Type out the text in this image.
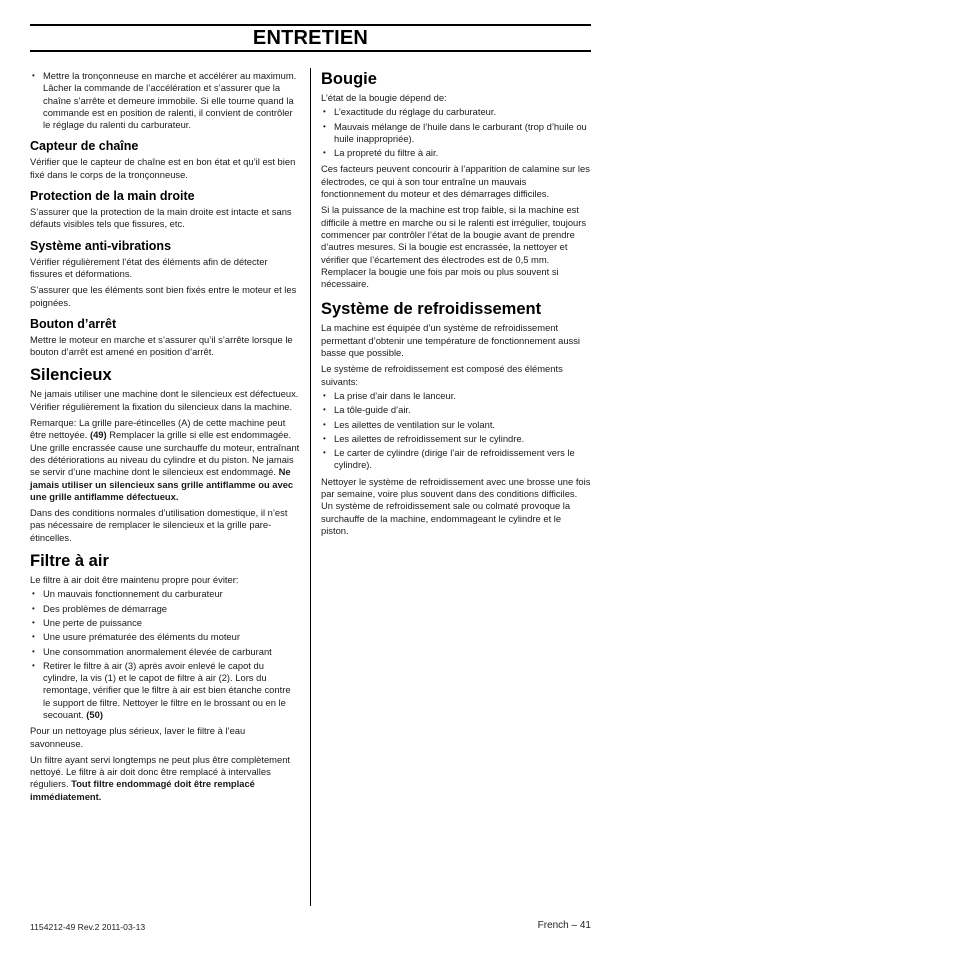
ENTRETIEN
• Mettre la tronçonneuse en marche et accélérer au maximum. Lâcher la commande de l’accélération et s’assurer que la chaîne s’arrête et demeure immobile. Si elle tourne quand la commande est en position de ralenti, il convient de contrôler le réglage du ralenti du carburateur.
Capteur de chaîne

Vérifier que le capteur de chaîne est en bon état et qu’il est bien fixé dans le corps de la tronçonneuse.

Protection de la main droite

S’assurer que la protection de la main droite est intacte et sans défauts visibles tels que fissures, etc.

Système anti-vibrations

Vérifier régulièrement l’état des éléments afin de détecter fissures et déformations.

S’assurer que les éléments sont bien fixés entre le moteur et les poignées.

Bouton d’arrêt

Mettre le moteur en marche et s’assurer qu’il s’arrête lorsque le bouton d’arrêt est amené en position d’arrêt.

Silencieux

Ne jamais utiliser une machine dont le silencieux est défectueux. Vérifier régulièrement la fixation du silencieux dans la machine.

Remarque: La grille pare-étincelles (A) de cette machine peut être nettoyée. (49) Remplacer la grille si elle est endommagée. Une grille encrassée cause une surchauffe du moteur, entraînant des détériorations au niveau du cylindre et du piston. Ne jamais se servir d’une machine dont le silencieux est endommagé. Ne jamais utiliser un silencieux sans grille antiflamme ou avec une grille antiflamme défectueux.

Dans des conditions normales d’utilisation domestique, il n’est pas nécessaire de remplacer le silencieux et la grille pare-étincelles.

Filtre à air

Le filtre à air doit être maintenu propre pour éviter:

• Un mauvais fonctionnement du carburateur
• Des problèmes de démarrage
• Une perte de puissance
• Une usure prématurée des éléments du moteur
• Une consommation anormalement élevée de carburant
• Retirer le filtre à air (3) après avoir enlevé le capot du cylindre, la vis (1) et le capot de filtre à air (2). Lors du remontage, vérifier que le filtre à air est bien étanche contre le support de filtre. Nettoyer le filtre en le brossant ou en le secouant. (50)

Pour un nettoyage plus sérieux, laver le filtre à l’eau savonneuse.

Un filtre ayant servi longtemps ne peut plus être complètement nettoyé. Le filtre à air doit donc être remplacé à intervalles réguliers. Tout filtre endommagé doit être remplacé immédiatement.

Bougie

L’état de la bougie dépend de:

• L’exactitude du réglage du carburateur.
• Mauvais mélange de l’huile dans le carburant (trop d’huile ou huile inappropriée).
• La propreté du filtre à air.

Ces facteurs peuvent concourir à l’apparition de calamine sur les électrodes, ce qui à son tour entraîne un mauvais fonctionnement du moteur et des démarrages difficiles.

Si la puissance de la machine est trop faible, si la machine est difficile à mettre en marche ou si le ralenti est irrégulier, toujours commencer par contrôler l’état de la bougie avant de prendre d’autres mesures. Si la bougie est encrassée, la nettoyer et vérifier que l’écartement des électrodes est de 0,5 mm. Remplacer la bougie une fois par mois ou plus souvent si nécessaire.

Système de refroidissement

La machine est équipée d’un système de refroidissement permettant d’obtenir une température de fonctionnement aussi basse que possible.

Le système de refroidissement est composé des éléments suivants:

• La prise d’air dans le lanceur.
• La tôle-guide d’air.
• Les ailettes de ventilation sur le volant.
• Les ailettes de refroidissement sur le cylindre.
• Le carter de cylindre (dirige l’air de refroidissement vers le cylindre).

Nettoyer le système de refroidissement avec une brosse une fois par semaine, voire plus souvent dans des conditions difficiles. Un système de refroidissement sale ou colmaté provoque la surchauffe de la machine, endommageant le cylindre et le piston.

1154212-49 Rev.2 2011-03-13	French – 41
